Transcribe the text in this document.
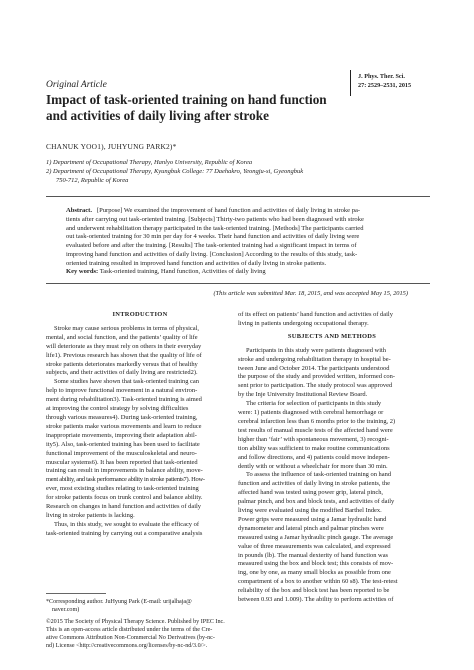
Original Article
J. Phys. Ther. Sci.
27: 2529–2531, 2015
Impact of task-oriented training on hand function
and activities of daily living after stroke
CHANUK YOO1), JUHYUNG PARK2)*
1) Department of Occupational Therapy, Hanlyo University, Republic of Korea
2) Department of Occupational Therapy, Kyungbuk College: 77 Daehakro, Yeongju-si, Gyeongbuk
750-712, Republic of Korea
Abstract. [Purpose] We examined the improvement of hand function and activities of daily living in stroke pa-
tients after carrying out task-oriented training. [Subjects] Thirty-two patients who had been diagnosed with stroke
and underwent rehabilitation therapy participated in the task-oriented training. [Methods] The participants carried
out task-oriented training for 30 min per day for 4 weeks. Their hand function and activities of daily living were
evaluated before and after the training. [Results] The task-oriented training had a significant impact in terms of
improving hand function and activities of daily living. [Conclusion] According to the results of this study, task-
oriented training resulted in improved hand function and activities of daily living in stroke patients.
Key words: Task-oriented training, Hand function, Activities of daily living
(This article was submitted Mar. 18, 2015, and was accepted May 15, 2015)
INTRODUCTION
Stroke may cause serious problems in terms of physical,
mental, and social function, and the patients’ quality of life
will deteriorate as they must rely on others in their everyday
life1). Previous research has shown that the quality of life of
stroke patients deteriorates markedly versus that of healthy
subjects, and their activities of daily living are restricted2).
Some studies have shown that task-oriented training can
help to improve functional movement in a natural environ-
ment during rehabilitation3). Task-oriented training is aimed
at improving the control strategy by solving difficulties
through various measures4). During task-oriented training,
stroke patients make various movements and learn to reduce
inappropriate movements, improving their adaptation abil-
ity5). Also, task-oriented training has been used to facilitate
functional improvement of the musculoskeletal and neuro-
muscular systems6). It has been reported that task-oriented
training can result in improvements in balance ability, move-
ment ability, and task performance ability in stroke patients7). How-
ever, most existing studies relating to task-oriented training
for stroke patients focus on trunk control and balance ability.
Research on changes in hand function and activities of daily
living in stroke patients is lacking.
Thus, in this study, we sought to evaluate the efficacy of
task-oriented training by carrying out a comparative analysis
*Corresponding author. JuHyung Park (E-mail: urijalhaja@
naver.com)
©2015 The Society of Physical Therapy Science. Published by IPEC Inc.
This is an open-access article distributed under the terms of the Cre-
ative Commons Attribution Non-Commercial No Derivatives (by-nc-
nd) License <http://creativecommons.org/licenses/by-nc-nd/3.0/>.
of its effect on patients’ hand function and activities of daily
living in patients undergoing occupational therapy.
SUBJECTS AND METHODS
Participants in this study were patients diagnosed with
stroke and undergoing rehabilitation therapy in hospital be-
tween June and October 2014. The participants understood
the purpose of the study and provided written, informed con-
sent prior to participation. The study protocol was approved
by the Inje University Institutional Review Board.
The criteria for selection of participants in this study
were: 1) patients diagnosed with cerebral hemorrhage or
cerebral infarction less than 6 months prior to the training, 2)
test results of manual muscle tests of the affected hand were
higher than ‘fair’ with spontaneous movement, 3) recogni-
tion ability was sufficient to make routine communications
and follow directions, and 4) patients could move indepen-
dently with or without a wheelchair for more than 30 min.
To assess the influence of task-oriented training on hand
function and activities of daily living in stroke patients, the
affected hand was tested using power grip, lateral pinch,
palmar pinch, and box and block tests, and activities of daily
living were evaluated using the modified Barthel Index.
Power grips were measured using a Jamar hydraulic hand
dynamometer and lateral pinch and palmar pinches were
measured using a Jamar hydraulic pinch gauge. The average
value of three measurements was calculated, and expressed
in pounds (lb). The manual dexterity of hand function was
measured using the box and block test; this consists of mov-
ing, one by one, as many small blocks as possible from one
compartment of a box to another within 60 s8). The test-retest
reliability of the box and block test has been reported to be
between 0.93 and 1.009). The ability to perform activities of
